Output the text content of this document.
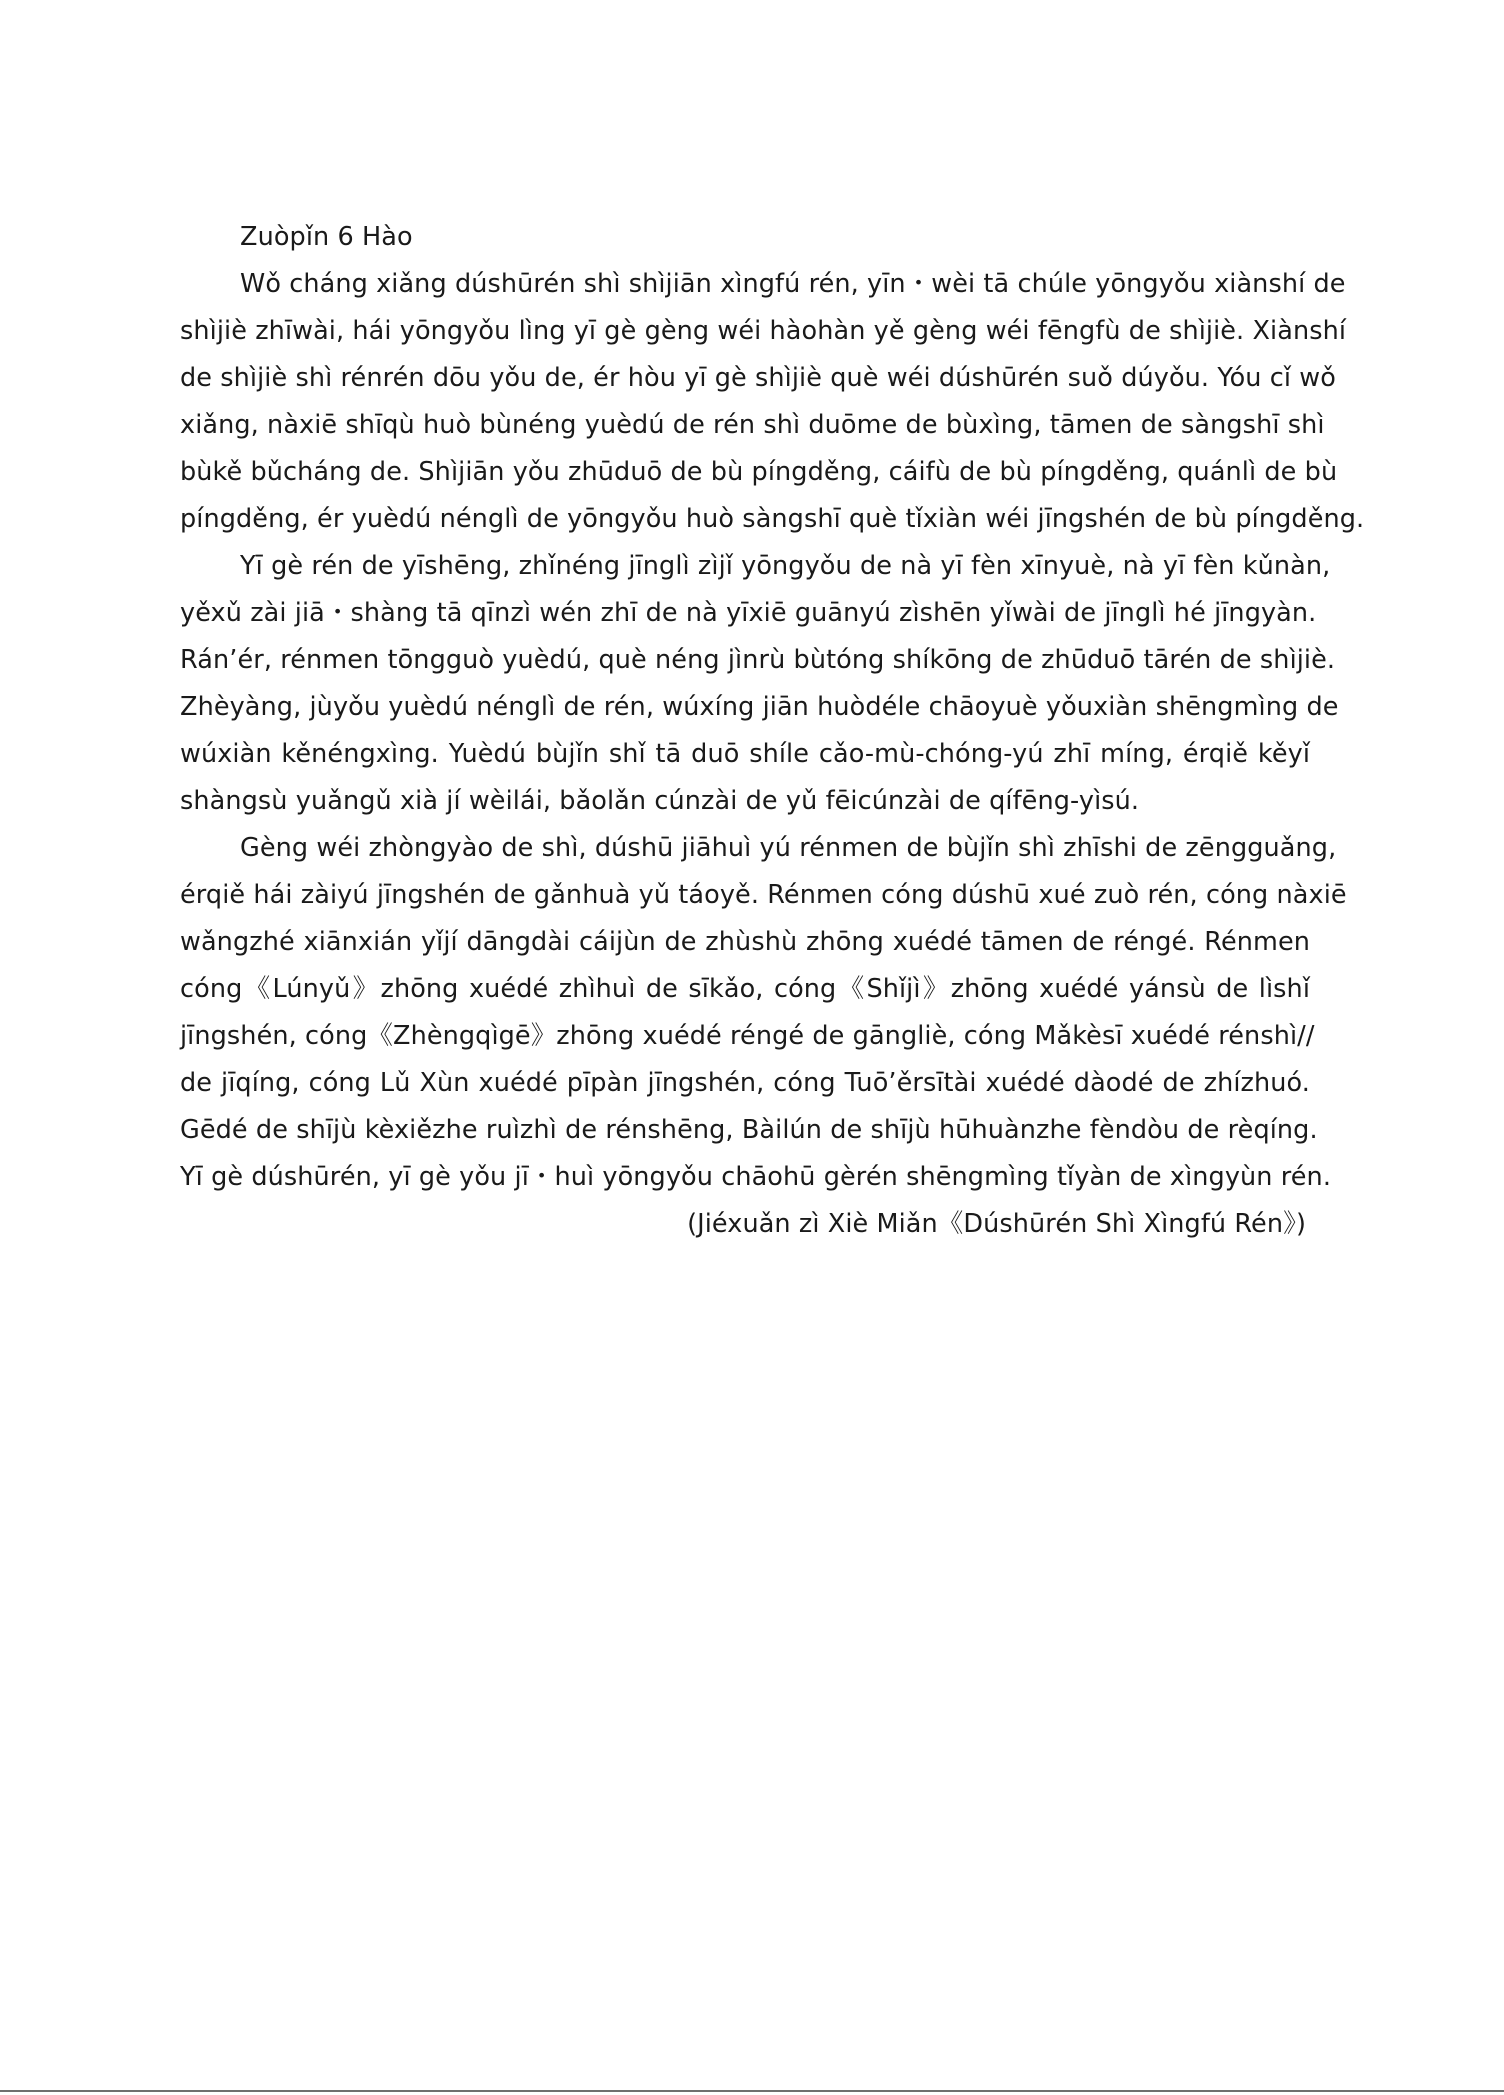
Zuòpǐn 6 Hào
Wǒ cháng xiǎng dúshūrén shì shìjiān xìngfú rén, yīn・wèi tā chúle yōngyǒu xiànshí de
shìjiè zhīwài, hái yōngyǒu lìng yī gè gèng wéi hàohàn yě gèng wéi fēngfù de shìjiè. Xiànshí
de shìjiè shì rénrén dōu yǒu de, ér hòu yī gè shìjiè què wéi dúshūrén suǒ dúyǒu. Yóu cǐ wǒ
xiǎng, nàxiē shīqù huò bùnéng yuèdú de rén shì duōme de bùxìng, tāmen de sàngshī shì
bùkě bǔcháng de. Shìjiān yǒu zhūduō de bù píngděng, cáifù de bù píngděng, quánlì de bù
píngděng, ér yuèdú nénglì de yōngyǒu huò sàngshī què tǐxiàn wéi jīngshén de bù píngděng.
Yī gè rén de yīshēng, zhǐnéng jīnglì zìjǐ yōngyǒu de nà yī fèn xīnyuè, nà yī fèn kǔnàn,
yěxǔ zài jiā・shàng tā qīnzì wén zhī de nà yīxiē guānyú zìshēn yǐwài de jīnglì hé jīngyàn.
Rán’ér, rénmen tōngguò yuèdú, què néng jìnrù bùtóng shíkōng de zhūduō tārén de shìjiè.
Zhèyàng, jùyǒu yuèdú nénglì de rén, wúxíng jiān huòdéle chāoyuè yǒuxiàn shēngmìng de
wúxiàn kěnéngxìng. Yuèdú bùjǐn shǐ tā duō shíle cǎo-mù-chóng-yú zhī míng, érqiě kěyǐ
shàngsù yuǎngǔ xià jí wèilái, bǎolǎn cúnzài de yǔ fēicúnzài de qífēng-yìsú.
Gèng wéi zhòngyào de shì, dúshū jiāhuì yú rénmen de bùjǐn shì zhīshi de zēngguǎng,
érqiě hái zàiyú jīngshén de gǎnhuà yǔ táoyě. Rénmen cóng dúshū xué zuò rén, cóng nàxiē
wǎngzhé xiānxián yǐjí dāngdài cáijùn de zhùshù zhōng xuédé tāmen de réngé. Rénmen
cóng《Lúnyǔ》zhōng xuédé zhìhuì de sīkǎo, cóng《Shǐjì》zhōng xuédé yánsù de lìshǐ
jīngshén, cóng《Zhèngqìgē》zhōng xuédé réngé de gāngliè, cóng Mǎkèsī xuédé rénshì//
de jīqíng, cóng Lǔ Xùn xuédé pīpàn jīngshén, cóng Tuō’ěrsītài xuédé dàodé de zhízhuó.
Gēdé de shījù kèxiězhe ruìzhì de rénshēng, Bàilún de shījù hūhuànzhe fèndòu de rèqíng.
Yī gè dúshūrén, yī gè yǒu jī・huì yōngyǒu chāohū gèrén shēngmìng tǐyàn de xìngyùn rén.
(Jiéxuǎn zì Xiè Miǎn《Dúshūrén Shì Xìngfú Rén》)
